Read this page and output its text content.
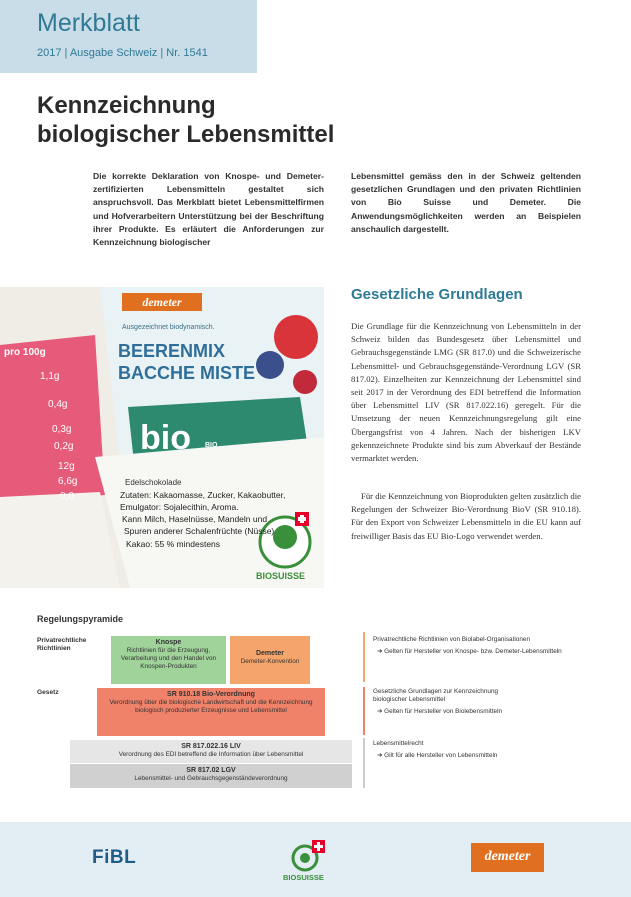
Merkblatt
2017 | Ausgabe Schweiz | Nr. 1541
Kennzeichnung
biologischer Lebensmittel
Die korrekte Deklaration von Knospe- und Demeter-zertifizierten Lebensmitteln gestaltet sich anspruchsvoll. Das Merkblatt bietet Lebensmittelfirmen und Hofverarbeitern Unterstützung bei der Beschriftung ihrer Produkte. Es erläutert die Anforderungen zur Kennzeichnung biologischer
Lebensmittel gemäss den in der Schweiz geltenden gesetzlichen Grundlagen und den privaten Richtlinien von Bio Suisse und Demeter. Die Anwendungsmöglichkeiten werden an Beispielen anschaulich dargestellt.
demeter
Ausgezeichnet biodynamisch.
BEERENMIX
BACCHE MISTE
bio BIO
Edelschokolade
Zutaten: Kakaomasse, Zucker, Kakaobutter,
Emulgator: Sojalecithin, Aroma.
Kann Milch, Haselnüsse, Mandeln und
Spuren anderer Schalenfrüchte (Nüsse)
Kakao: 55 % mindestens
pro 100g
1,1g
0,4g
0,3g
0,2g
12g
6,6g
0,0
BIOSUISSE
Gesetzliche Grundlagen
Die Grundlage für die Kennzeichnung von Lebensmitteln in der Schweiz bilden das Bundesgesetz über Lebensmittel und Gebrauchsgegenstände LMG (SR 817.0) und die Schweizerische Lebensmittel- und Gebrauchsgegenstände-Verordnung LGV (SR 817.02). Einzelheiten zur Kennzeichnung der Lebensmittel sind seit 2017 in der Verordnung des EDI betreffend die Information über Lebensmittel LIV (SR 817.022.16) geregelt. Für die Umsetzung der neuen Kennzeichnungsregelung gilt eine Übergangsfrist von 4 Jahren. Nach der bisherigen LKV gekennzeichnete Produkte sind bis zum Abverkauf der Bestände vermarktet werden.
Für die Kennzeichnung von Bioprodukten gelten zusätzlich die Regelungen der Schweizer Bio-Verordnung BioV (SR 910.18). Für den Export von Schweizer Lebensmitteln in die EU kann auf freiwilliger Basis das EU Bio-Logo verwendet werden.
Regelungspyramide
Privatrechtliche Richtlinien
Gesetz
Knospe
Richtlinien für die Erzeugung, Verarbeitung und den Handel von Knospen-Produkten
Demeter
Demeter-Konvention
SR 910.18 Bio-Verordnung
Verordnung über die biologische Landwirtschaft und die Kennzeichnung biologisch produzierter Erzeugnisse und Lebensmittel
SR 817.022.16 LIV
Verordnung des EDI betreffend die Information über Lebensmittel
SR 817.02 LGV
Lebensmittel- und Gebrauchsgegenständeverordnung
Privatrechtliche Richtlinien von Biolabel-Organisationen
➔ Gelten für Hersteller von Knospe- bzw. Demeter-Lebensmitteln
Gesetzliche Grundlagen zur Kennzeichnung biologischer Lebensmittel
➔ Gelten für Hersteller von Biolebensmitteln
Lebensmittelrecht
➔ Gilt für alle Hersteller von Lebensmitteln
FiBL
BIOSUISSE
demeter
